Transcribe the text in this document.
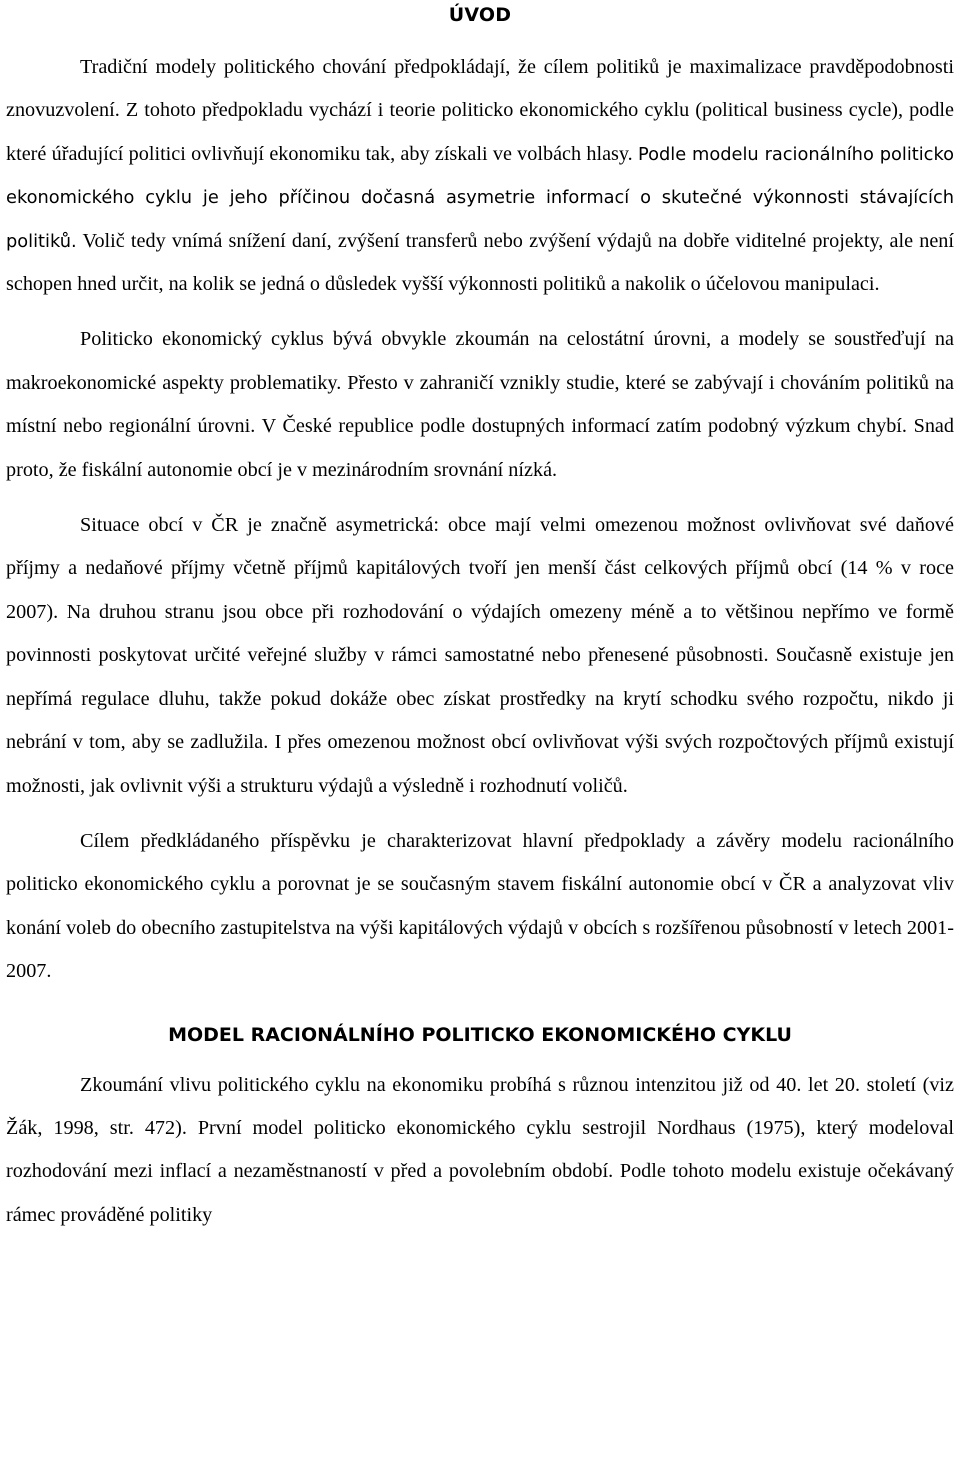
ÚVOD

Tradiční modely politického chování předpokládají, že cílem politiků je maximalizace pravděpodobnosti znovuzvolení. Z tohoto předpokladu vychází i teorie politicko ekonomického cyklu (political business cycle), podle které úřadující politici ovlivňují ekonomiku tak, aby získali ve volbách hlasy. Podle modelu racionálního politicko ekonomického cyklu je jeho příčinou dočasná asymetrie informací o skutečné výkonnosti stávajících politiků. Volič tedy vnímá snížení daní, zvýšení transferů nebo zvýšení výdajů na dobře viditelné projekty, ale není schopen hned určit, na kolik se jedná o důsledek vyšší výkonnosti politiků a nakolik o účelovou manipulaci.

Politicko ekonomický cyklus bývá obvykle zkoumán na celostátní úrovni, a modely se soustřeďují na makroekonomické aspekty problematiky. Přesto v zahraničí vznikly studie, které se zabývají i chováním politiků na místní nebo regionální úrovni. V České republice podle dostupných informací zatím podobný výzkum chybí. Snad proto, že fiskální autonomie obcí je v mezinárodním srovnání nízká.

Situace obcí v ČR je značně asymetrická: obce mají velmi omezenou možnost ovlivňovat své daňové příjmy a nedaňové příjmy včetně příjmů kapitálových tvoří jen menší část celkových příjmů obcí (14 % v roce 2007). Na druhou stranu jsou obce při rozhodování o výdajích omezeny méně a to většinou nepřímo ve formě povinnosti poskytovat určité veřejné služby v rámci samostatné nebo přenesené působnosti. Současně existuje jen nepřímá regulace dluhu, takže pokud dokáže obec získat prostředky na krytí schodku svého rozpočtu, nikdo ji nebrání v tom, aby se zadlužila. I přes omezenou možnost obcí ovlivňovat výši svých rozpočtových příjmů existují možnosti, jak ovlivnit výši a strukturu výdajů a výsledně i rozhodnutí voličů.

Cílem předkládaného příspěvku je charakterizovat hlavní předpoklady a závěry modelu racionálního politicko ekonomického cyklu a porovnat je se současným stavem fiskální autonomie obcí v ČR a analyzovat vliv konání voleb do obecního zastupitelstva na výši kapitálových výdajů v obcích s rozšířenou působností v letech 2001-2007.

MODEL RACIONÁLNÍHO POLITICKO EKONOMICKÉHO CYKLU

Zkoumání vlivu politického cyklu na ekonomiku probíhá s různou intenzitou již od 40. let 20. století (viz Žák, 1998, str. 472). První model politicko ekonomického cyklu sestrojil Nordhaus (1975), který modeloval rozhodování mezi inflací a nezaměstnaností v před a povolebním období. Podle tohoto modelu existuje očekávaný rámec prováděné politiky
